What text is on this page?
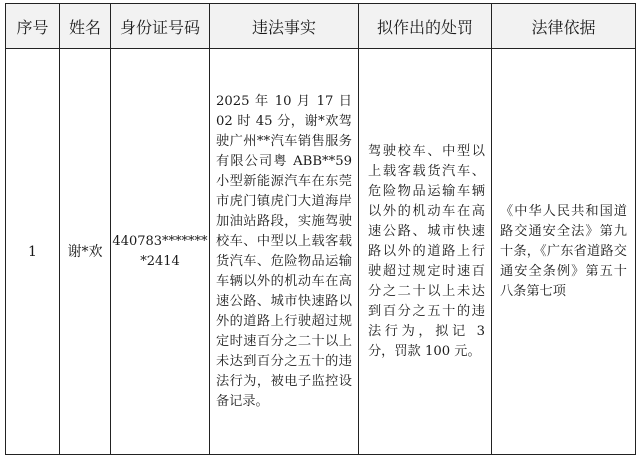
序号	姓名	身份证号码	违法事实	拟作出的处罚	法律依据
1	谢*欢	440783********2414	2025 年 10 月 17 日 02 时 45 分，谢*欢驾驶广州**汽车销售服务有限公司粤 ABB**59 小型新能源汽车在东莞市虎门镇虎门大道海岸加油站路段，实施驾驶校车、中型以上载客载货汽车、危险物品运输车辆以外的机动车在高速公路、城市快速路以外的道路上行驶超过规定时速百分之二十以上未达到百分之五十的违法行为，被电子监控设备记录。	驾驶校车、中型以上载客载货汽车、危险物品运输车辆以外的机动车在高速公路、城市快速路以外的道路上行驶超过规定时速百分之二十以上未达到百分之五十的违法行为，拟记 3 分，罚款 100 元。	《中华人民共和国道路交通安全法》第九十条，《广东省道路交通安全条例》第五十八条第七项
